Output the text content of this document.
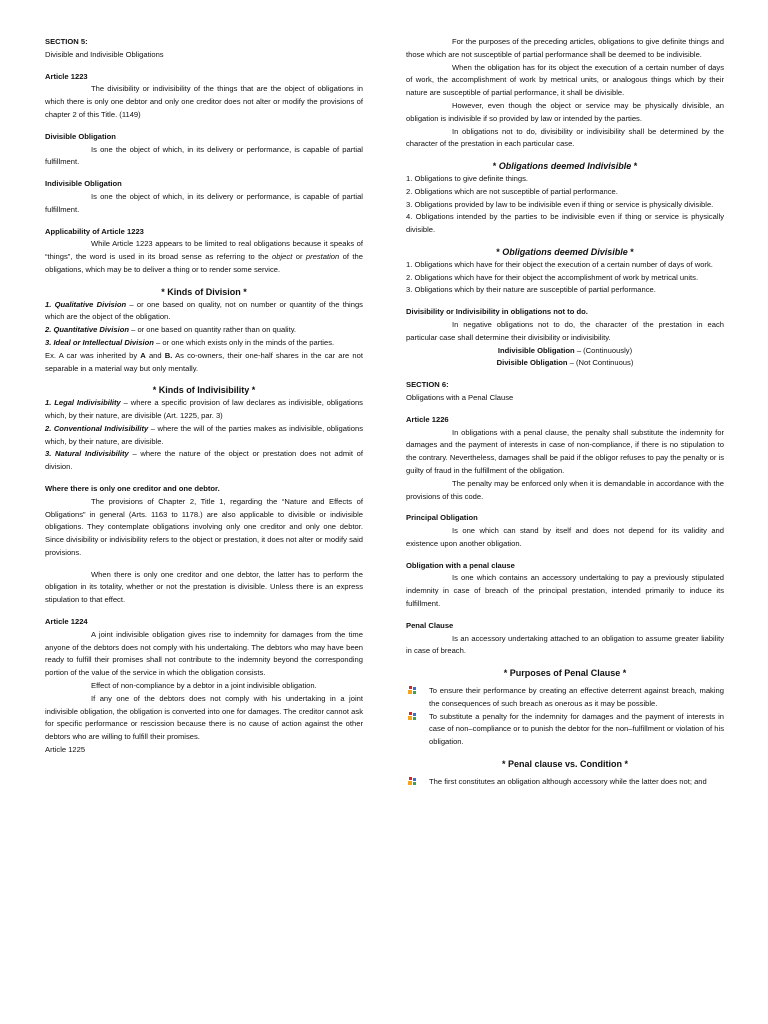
SECTION 5:

Divisible and Indivisible Obligations

Article 1223

The divisibility or indivisibility of the things that are the object of obligations in which there is only one debtor and only one creditor does not alter or modify the provisions of chapter 2 of this Title. (1149)

Divisible Obligation

Is one the object of which, in its delivery or performance, is capable of partial fulfillment.

Indivisible Obligation

Is one the object of which, in its delivery or performance, is capable of partial fulfillment.

Applicability of Article 1223

While Article 1223 appears to be limited to real obligations because it speaks of “things”, the word is used in its broad sense as referring to the object or prestation of the obligations, which may be to deliver a thing or to render some service.

* Kinds of Division *

1. Qualitative Division – or one based on quality, not on number or quantity of the things which are the object of the obligation.

2. Quantitative Division – or one based on quantity rather than on quality.

3. Ideal or Intellectual Division – or one which exists only in the minds of the parties.

Ex. A car was inherited by A and B. As co-owners, their one-half shares in the car are not separable in a material way but only mentally.

* Kinds of Indivisibility *

1. Legal Indivisibility – where a specific provision of law declares as indivisible, obligations which, by their nature, are divisible (Art. 1225, par. 3)

2. Conventional Indivisibility – where the will of the parties makes as indivisible, obligations which, by their nature, are divisible.

3. Natural Indivisibility – where the nature of the object or prestation does not admit of division.

Where there is only one creditor and one debtor.

The provisions of Chapter 2, Title 1, regarding the “Nature and Effects of Obligations” in general (Arts. 1163 to 1178.) are also applicable to divisible or indivisible obligations. They contemplate obligations involving only one creditor and only one debtor. Since divisibility or indivisibility refers to the object or prestation, it does not alter or modify said provisions.

When there is only one creditor and one debtor, the latter has to perform the obligation in its totality, whether or not the prestation is divisible. Unless there is an express stipulation to that effect.

Article 1224

A joint indivisible obligation gives rise to indemnity for damages from the time anyone of the debtors does not comply with his undertaking. The debtors who may have been ready to fulfill their promises shall not contribute to the indemnity beyond the corresponding portion of the value of the service in which the obligation consists.

Effect of non-compliance by a debtor in a joint indivisible obligation.

If any one of the debtors does not comply with his undertaking in a joint indivisible obligation, the obligation is converted into one for damages. The creditor cannot ask for specific performance or rescission because there is no cause of action against the other debtors who are willing to fulfill their promises.

Article 1225

For the purposes of the preceding articles, obligations to give definite things and those which are not susceptible of partial performance shall be deemed to be indivisible.

When the obligation has for its object the execution of a certain number of days of work, the accomplishment of work by metrical units, or analogous things which by their nature are susceptible of partial performance, it shall be divisible.

However, even though the object or service may be physically divisible, an obligation is indivisible if so provided by law or intended by the parties.

In obligations not to do, divisibility or indivisibility shall be determined by the character of the prestation in each particular case.

* Obligations deemed Indivisible *

1. Obligations to give definite things.

2. Obligations which are not susceptible of partial performance.

3. Obligations provided by law to be indivisible even if thing or service is physically divisible.

4. Obligations intended by the parties to be indivisible even if thing or service is physically divisible.

* Obligations deemed Divisible *

1. Obligations which have for their object the execution of a certain number of days of work.

2. Obligations which have for their object the accomplishment of work by metrical units.

3. Obligations which by their nature are susceptible of partial performance.

Divisibility or Indivisibility in obligations not to do.

In negative obligations not to do, the character of the prestation in each particular case shall determine their divisibility or indivisibility.

Indivisible Obligation – (Continuously)

Divisible Obligation – (Not Continuous)

SECTION 6:

Obligations with a Penal Clause

Article 1226

In obligations with a penal clause, the penalty shall substitute the indemnity for damages and the payment of interests in case of non-compliance, if there is no stipulation to the contrary. Nevertheless, damages shall be paid if the obligor refuses to pay the penalty or is guilty of fraud in the fulfillment of the obligation.

The penalty may be enforced only when it is demandable in accordance with the provisions of this code.

Principal Obligation

Is one which can stand by itself and does not depend for its validity and existence upon another obligation.

Obligation with a penal clause

Is one which contains an accessory undertaking to pay a previously stipulated indemnity in case of breach of the principal prestation, intended primarily to induce its fulfillment.

Penal Clause

Is an accessory undertaking attached to an obligation to assume greater liability in case of breach.

* Purposes of Penal Clause *

To ensure their performance by creating an effective deterrent against breach, making the consequences of such breach as onerous as it may be possible.

To substitute a penalty for the indemnity for damages and the payment of interests in case of non–compliance or to punish the debtor for the non–fulfillment or violation of his obligation.

* Penal clause vs. Condition *

The first constitutes an obligation although accessory while the latter does not; and
